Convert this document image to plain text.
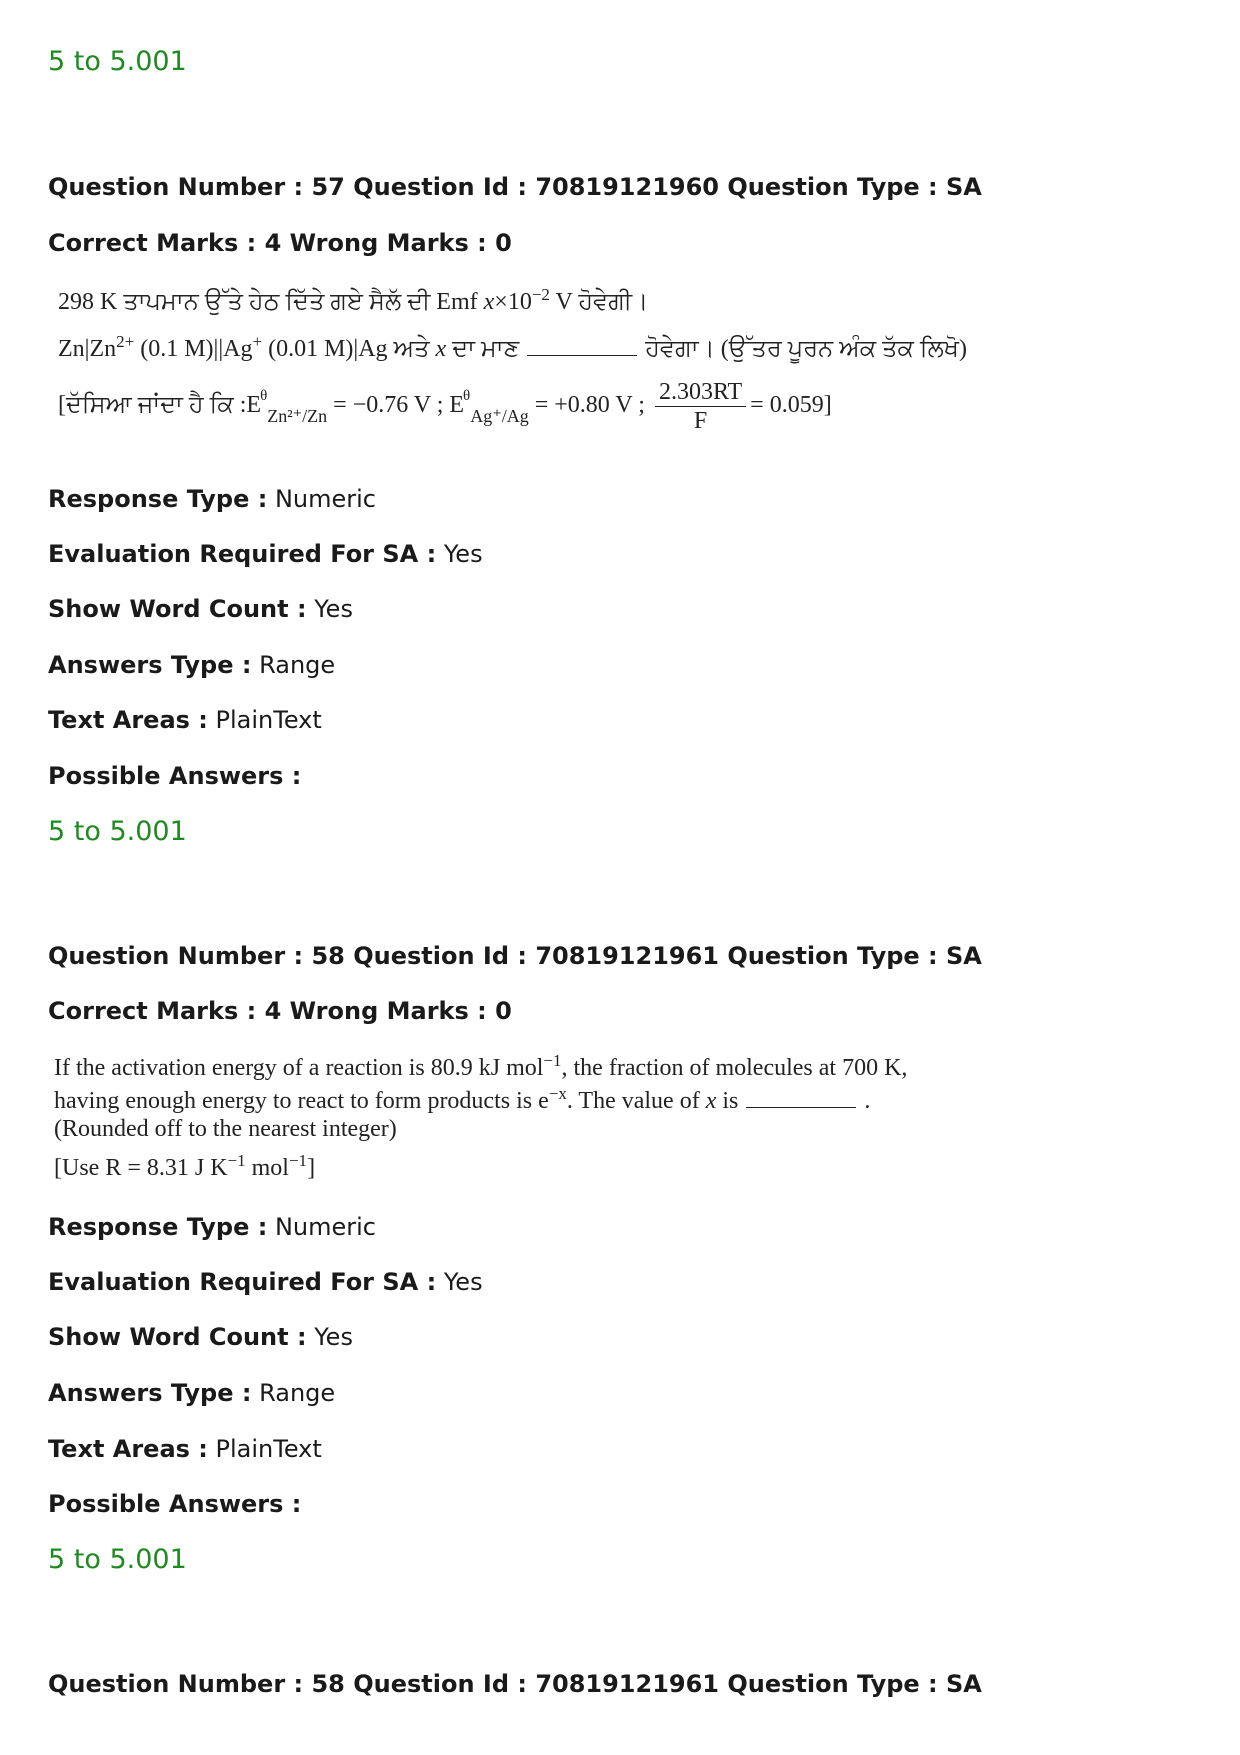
5 to 5.001

Question Number : 57 Question Id : 70819121960 Question Type : SA

Correct Marks : 4 Wrong Marks : 0

298 K ਤਾਪਮਾਨ ਉੱਤੇ ਹੇਠ ਦਿੱਤੇ ਗਏ ਸੈਲੱ ਦੀ Emf $x\times 10^{-2}$ V ਹੋਵੇਗੀ।
$Zn|Zn^{2+}$ (0.1 M)||Ag+ (0.01 M)|Ag ਅਤੇ x ਦਾ ਮਾਣ	ਹੋਵੇਗਾ। (ਉੱਤਰ ਪੂਰਨ ਅੰਕ ਤੱਕ ਲਿਖੋ)
[ਦੱਸਿਆ ਜਾਂਦਾ ਹੈ ਕਿ $:E^\theta_{Zn^{2+}/Zn} = -0.76$ V ; $E^\theta_{Ag^+/Ag} = +0.80$ V ; $\frac{2.303RT}{F} = 0.059$]

Response Type : Numeric

Evaluation Required For SA : Yes

Show Word Count : Yes

Answers Type : Range

Text Areas : PlainText

Possible Answers :

5 to 5.001

Question Number : 58 Question Id : 70819121961 Question Type : SA

Correct Marks : 4 Wrong Marks : 0

If the activation energy of a reaction is 80.9 kJ mol$^{-1}$, the fraction of molecules at 700 K,
having enough energy to react to form products is $e^{-x}$. The value of x is	.
(Rounded off to the nearest integer)
[Use R = 8.31 J $K^{-1}$ mol$^{-1}$]

Response Type : Numeric

Evaluation Required For SA : Yes

Show Word Count : Yes

Answers Type : Range

Text Areas : PlainText

Possible Answers :

5 to 5.001

Question Number : 58 Question Id : 70819121961 Question Type : SA
